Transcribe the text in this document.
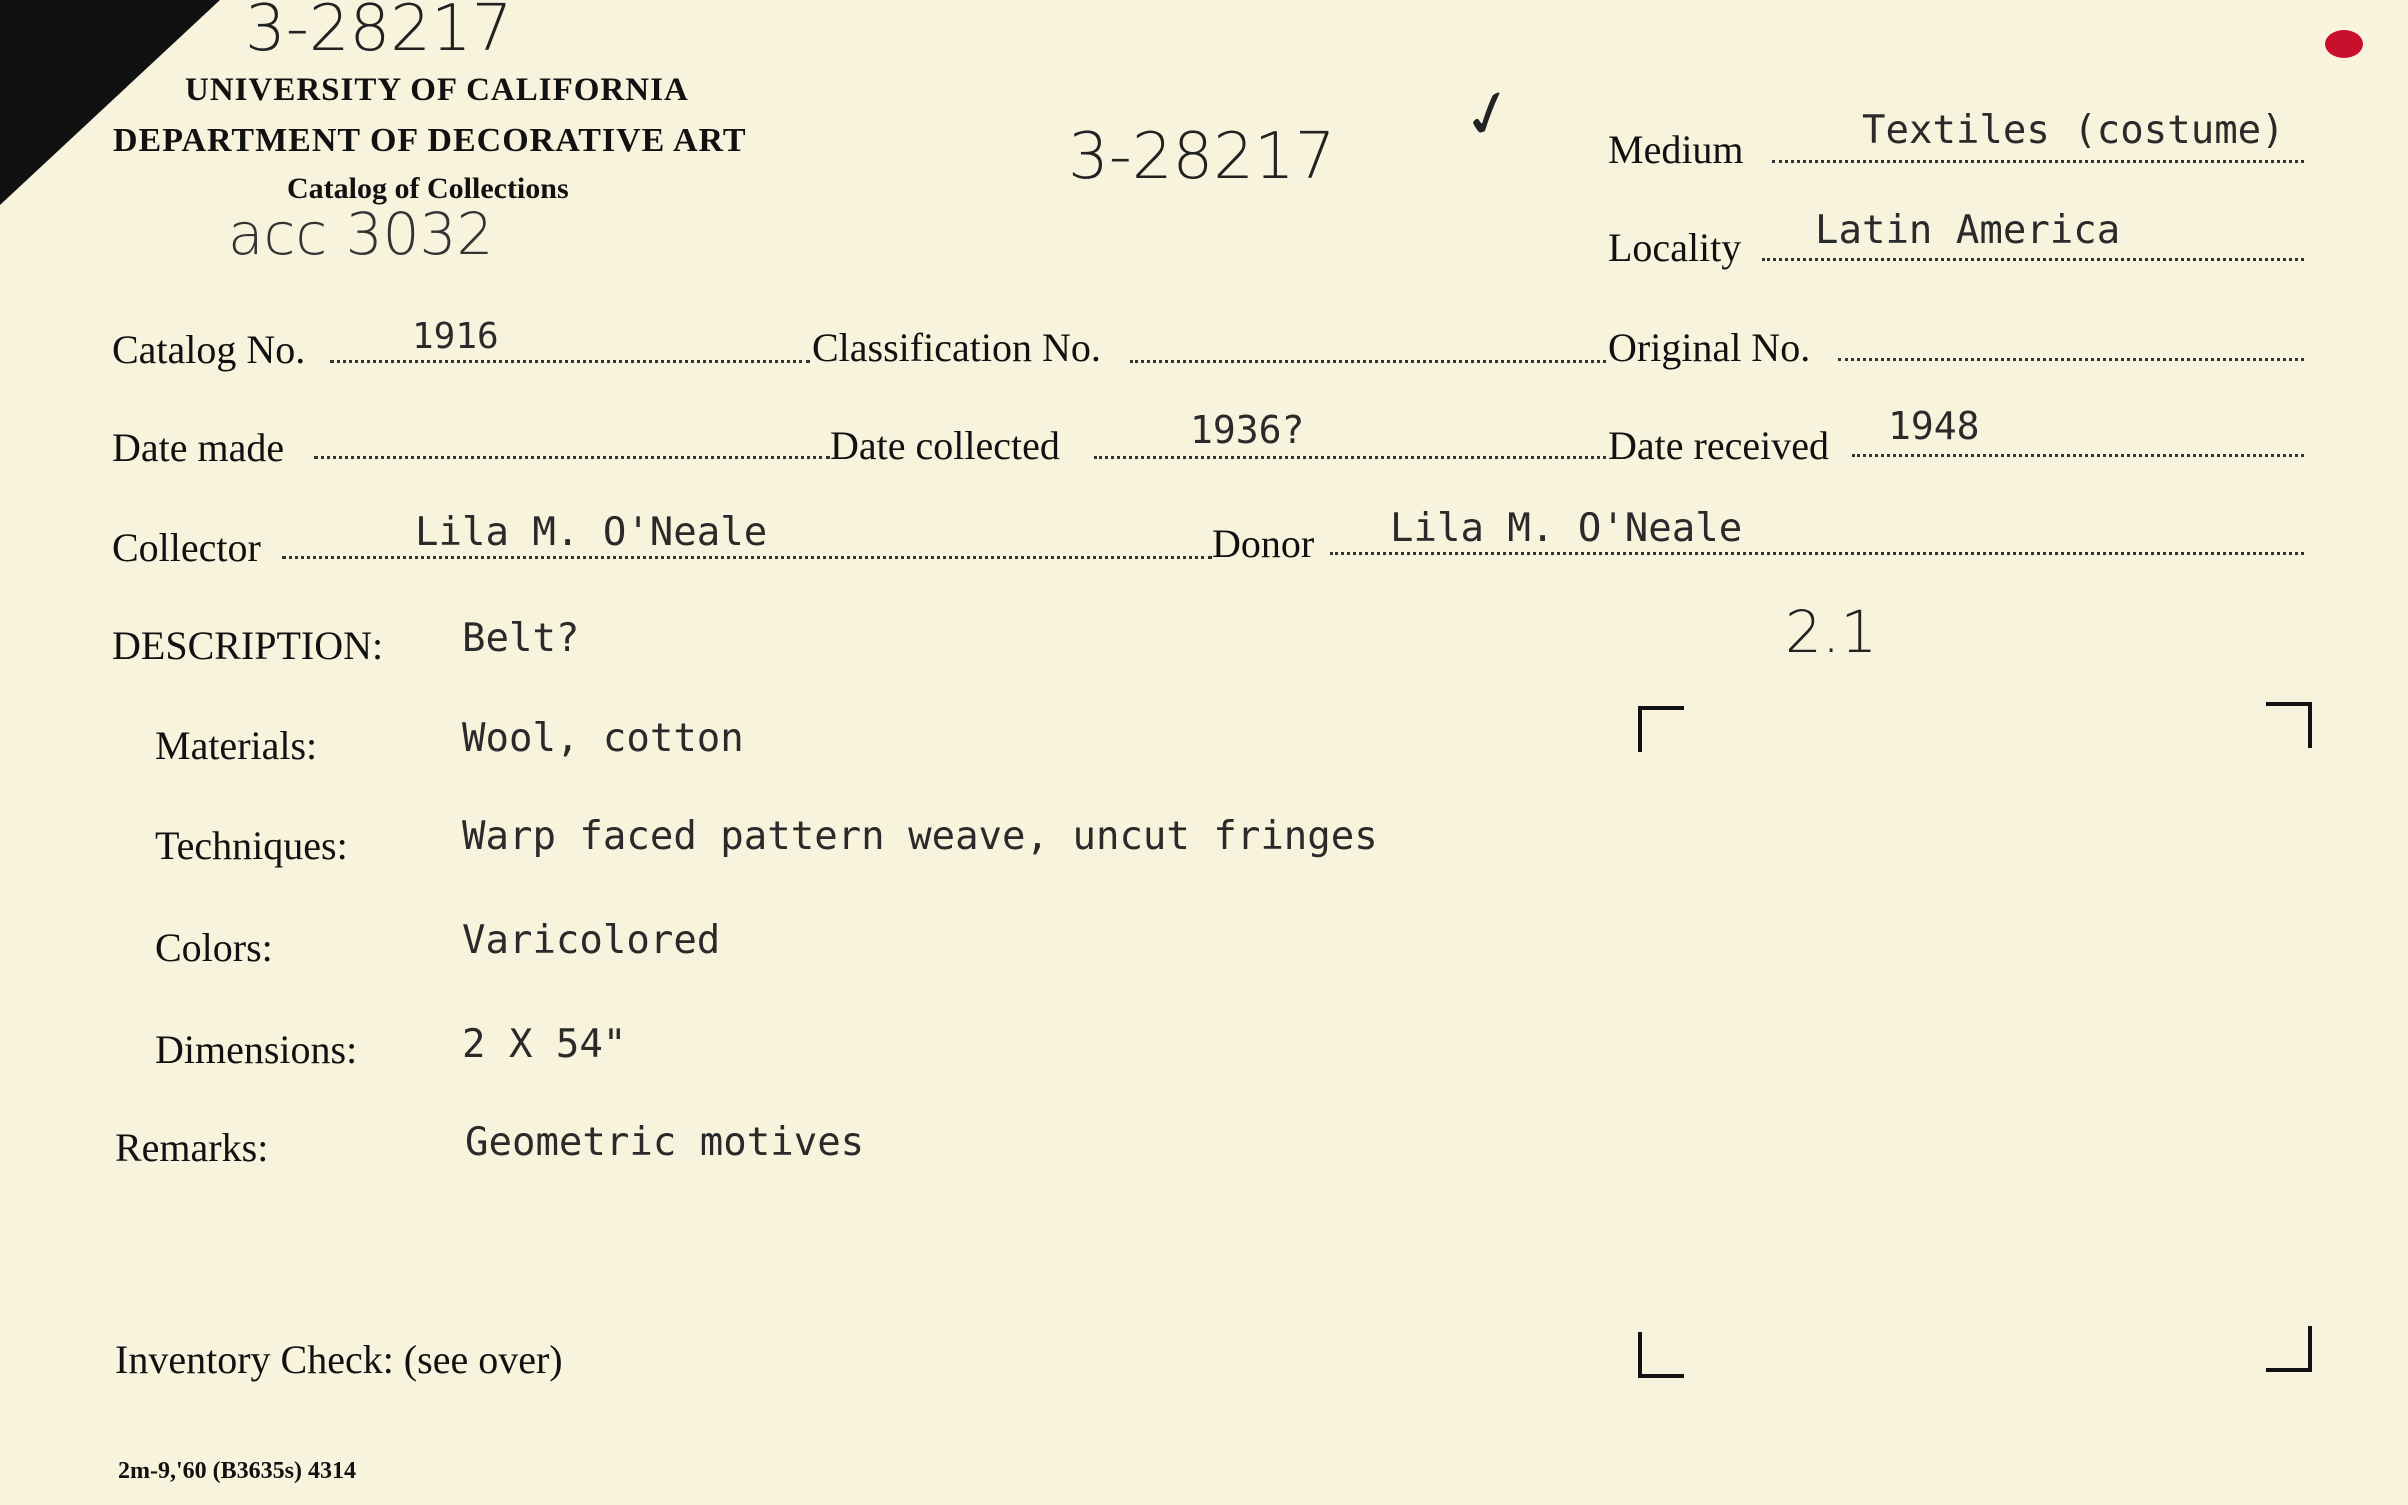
3-28217
acc 3032
3-28217 ✓
2.1
UNIVERSITY OF CALIFORNIA
DEPARTMENT OF DECORATIVE ART
Catalog of Collections
Medium	Textiles (costume)
Locality Latin America
Catalog No.	1916	Classification No.	Original No.
Date made	Date collected	1936?	Date received 1948
Collector	Lila M. O'Neale	Donor Lila M. O'Neale
DESCRIPTION: Belt?
Materials:	Wool, cotton
Techniques:	Warp faced pattern weave, uncut fringes
Colors:	Varicolored
Dimensions:	2 X 54"
Remarks:	Geometric motives
Inventory Check: (see over)
2m-9,'60 (B3635s) 4314
